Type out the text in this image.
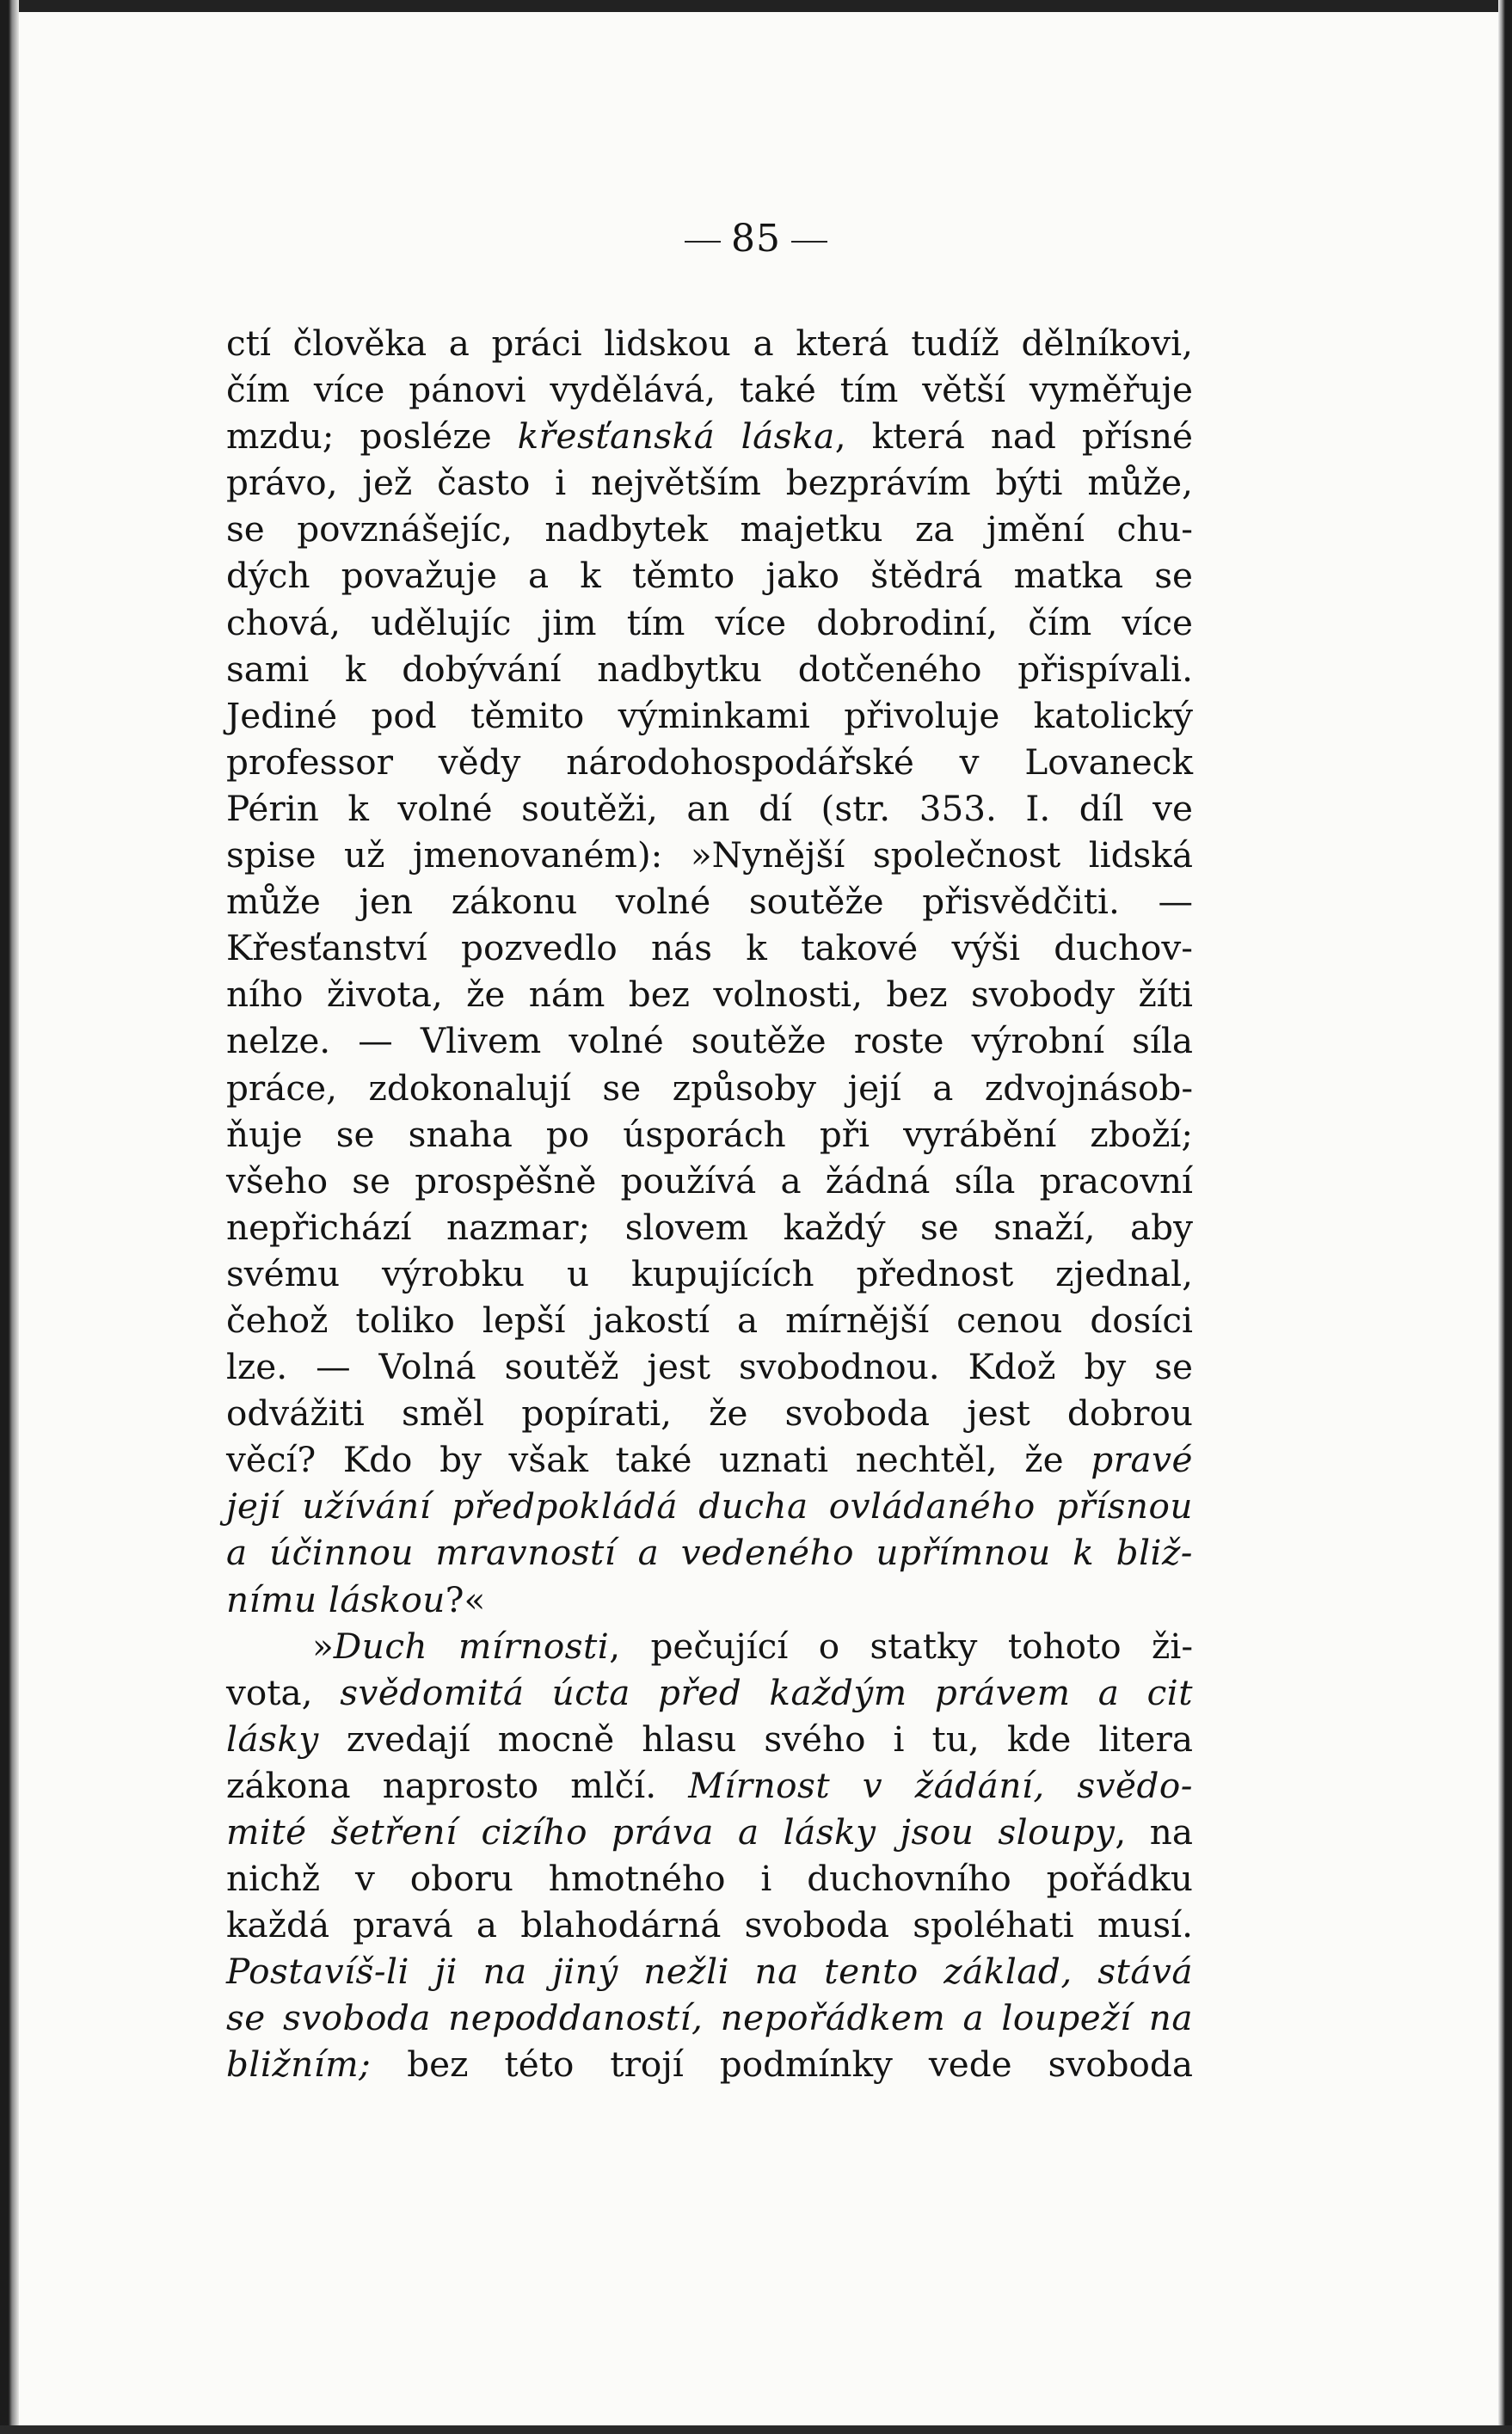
85
ctí člověka a práci lidskou a která tudíž dělníkovi,
čím více pánovi vydělává, také tím větší vyměřuje
mzdu; posléze křesťanská láska, která nad přísné
právo, jež často i největším bezprávím býti může,
se povznášejíc, nadbytek majetku za jmění chu-
dých považuje a k těmto jako štědrá matka se
chová, udělujíc jim tím více dobrodiní, čím více
sami k dobývání nadbytku dotčeného přispívali.
Jediné pod těmito výminkami přivoluje katolický
professor vědy národohospodářské v Lovaneck
Périn k volné soutěži, an dí (str. 353. I. díl ve
spise už jmenovaném): »Nynější společnost lidská
může jen zákonu volné soutěže přisvědčiti. —
Křesťanství pozvedlo nás k takové výši duchov-
ního života, že nám bez volnosti, bez svobody žíti
nelze. — Vlivem volné soutěže roste výrobní síla
práce, zdokonalují se způsoby její a zdvojnásob-
ňuje se snaha po úsporách při vyrábění zboží;
všeho se prospěšně používá a žádná síla pracovní
nepřichází nazmar; slovem každý se snaží, aby
svému výrobku u kupujících přednost zjednal,
čehož toliko lepší jakostí a mírnější cenou dosíci
lze. — Volná soutěž jest svobodnou. Kdož by se
odvážiti směl popírati, že svoboda jest dobrou
věcí? Kdo by však také uznati nechtěl, že pravé
její užívání předpokládá ducha ovládaného přísnou
a účinnou mravností a vedeného upřímnou k bliž-
nímu láskou?«
»Duch mírnosti, pečující o statky tohoto ži-
vota, svědomitá úcta před každým právem a cit
lásky zvedají mocně hlasu svého i tu, kde litera
zákona naprosto mlčí. Mírnost v žádání, svědo-
mité šetření cizího práva a lásky jsou sloupy, na
nichž v oboru hmotného i duchovního pořádku
každá pravá a blahodárná svoboda spoléhati musí.
Postavíš-li ji na jiný nežli na tento základ, stává
se svoboda nepoddaností, nepořádkem a loupeží na
bližním; bez této trojí podmínky vede svoboda
